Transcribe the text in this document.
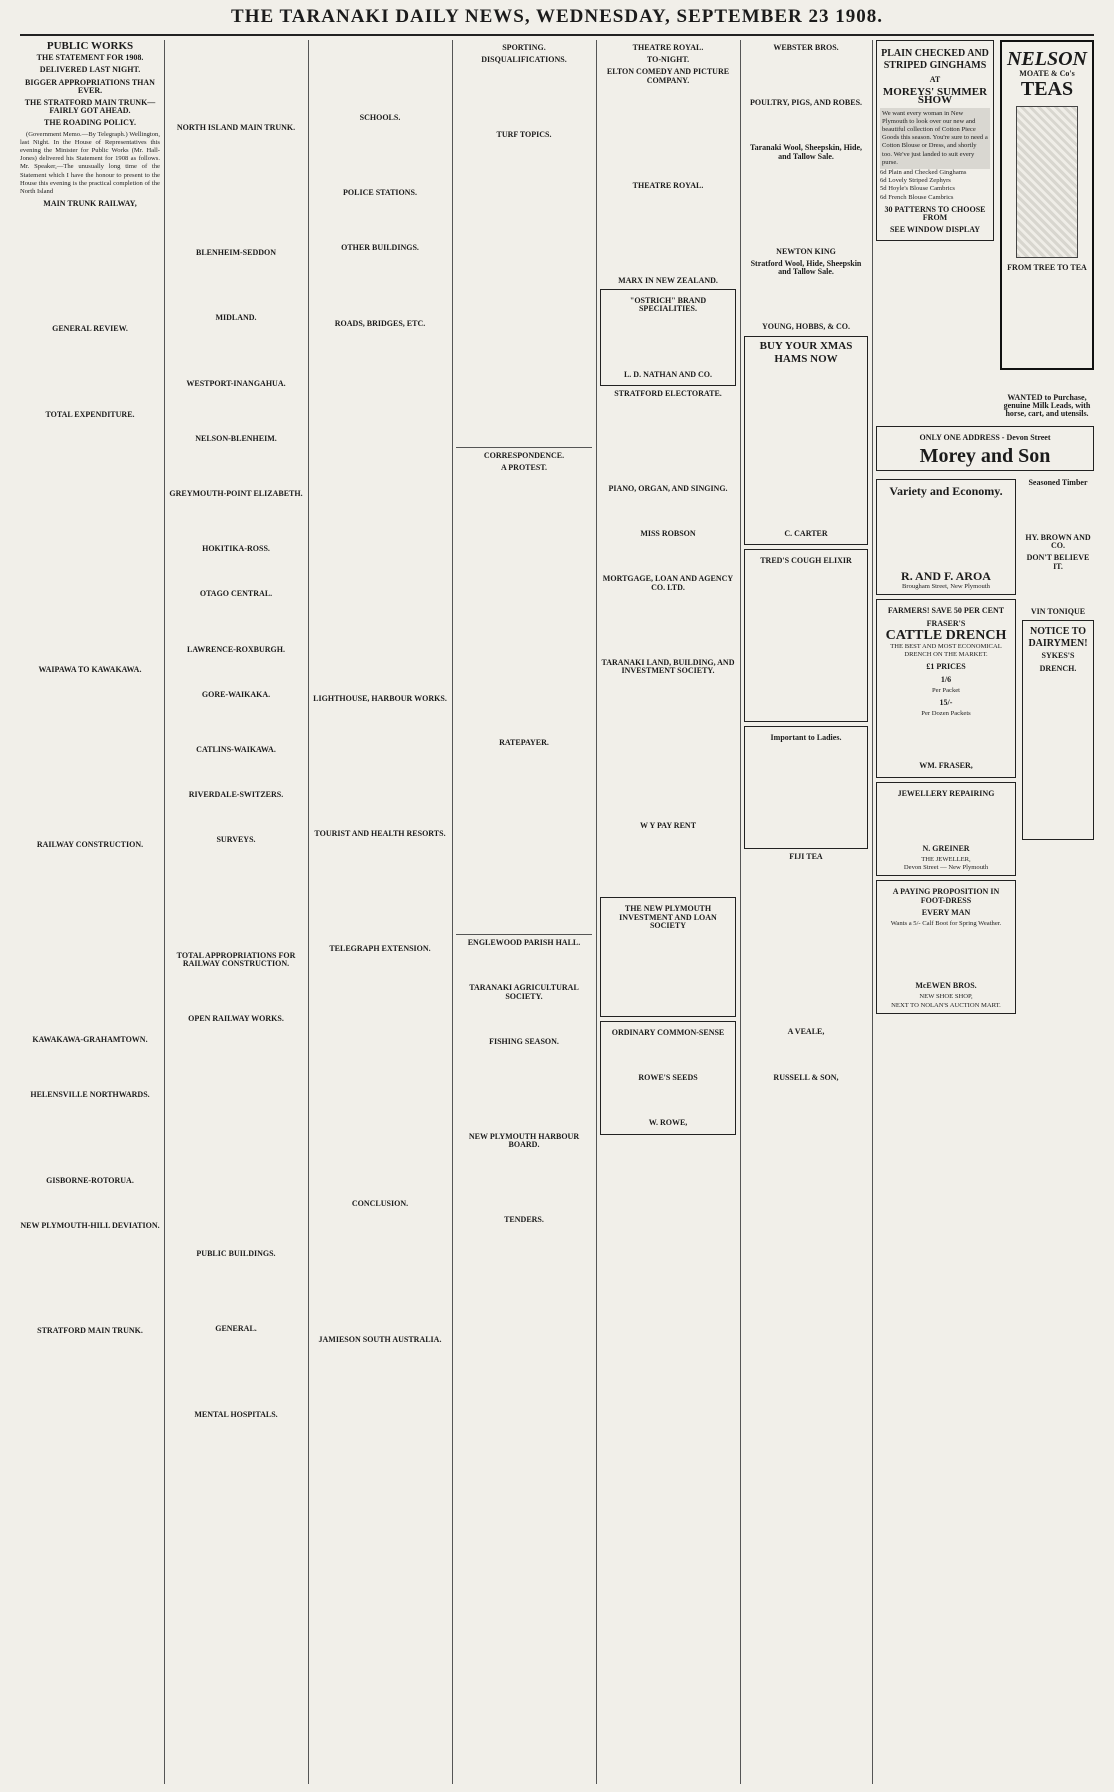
THE TARANAKI DAILY NEWS, WEDNESDAY, SEPTEMBER 23 1908.
PUBLIC WORKS

THE STATEMENT FOR 1908.

DELIVERED LAST NIGHT.

BIGGER APPROPRIATIONS THAN EVER.

THE STRATFORD MAIN TRUNK—FAIRLY GOT AHEAD.

THE ROADING POLICY.

(Government Memo.—By Telegraph.) Wellington, last Night. In the House of Representatives this evening the Minister for Public Works (Mr. Hall-Jones) delivered his Statement for 1908 as follows. Mr. Speaker,—The unusually long time of the Statement which I have the honour to present to the House this evening is the practical completion of the North Island

MAIN TRUNK RAILWAY,

GENERAL REVIEW.

TOTAL EXPENDITURE.

WAIPAWA TO KAWAKAWA.

RAILWAY CONSTRUCTION.

KAWAKAWA-GRAHAMTOWN.

HELENSVILLE NORTHWARDS.

GISBORNE-ROTORUA.

NEW PLYMOUTH-HILL DEVIATION.

STRATFORD MAIN TRUNK.

NORTH ISLAND MAIN TRUNK.

BLENHEIM-SEDDON

MIDLAND.

WESTPORT-INANGAHUA.

NELSON-BLENHEIM.

GREYMOUTH-POINT ELIZABETH.

HOKITIKA-ROSS.

OTAGO CENTRAL.

LAWRENCE-ROXBURGH.

GORE-WAIKAKA.

CATLINS-WAIKAWA.

RIVERDALE-SWITZERS.

SURVEYS.

TOTAL APPROPRIATIONS FOR RAILWAY CONSTRUCTION.

OPEN RAILWAY WORKS.

PUBLIC BUILDINGS.

GENERAL.

MENTAL HOSPITALS.

SCHOOLS.

POLICE STATIONS.

OTHER BUILDINGS.

ROADS, BRIDGES, ETC.

LIGHTHOUSE, HARBOUR WORKS.

TOURIST AND HEALTH RESORTS.

TELEGRAPH EXTENSION.

CONCLUSION.

JAMIESON SOUTH AUSTRALIA.

SPORTING.

DISQUALIFICATIONS.

TURF TOPICS.

CORRESPONDENCE.

A PROTEST.

RATEPAYER.

ENGLEWOOD PARISH HALL.

TARANAKI AGRICULTURAL SOCIETY.

FISHING SEASON.

NEW PLYMOUTH HARBOUR BOARD.

TENDERS.

THEATRE ROYAL.

TO-NIGHT.

ELTON COMEDY AND PICTURE COMPANY.

THEATRE ROYAL.

MARX IN NEW ZEALAND.

"OSTRICH" BRAND SPECIALITIES.
L. D. NATHAN AND CO.

STRATFORD ELECTORATE.

PIANO, ORGAN, AND SINGING.

MISS ROBSON

MORTGAGE, LOAN AND AGENCY CO. LTD.

TARANAKI LAND, BUILDING, AND INVESTMENT SOCIETY.

W Y PAY RENT

THE NEW PLYMOUTH INVESTMENT AND LOAN SOCIETY
ORDINARY COMMON-SENSE
ROWE'S SEEDS
W. ROWE,

WEBSTER BROS.

POULTRY, PIGS, AND ROBES.

Taranaki Wool, Sheepskin, Hide, and Tallow Sale.

NEWTON KING

Stratford Wool, Hide, Sheepskin and Tallow Sale.

YOUNG, HOBBS, & CO.

BUY YOUR XMAS HAMS NOW
C. CARTER
TRED'S COUGH ELIXIR
Important to Ladies.

FIJI TEA

A VEALE,

RUSSELL & SON,

PLAIN CHECKED AND STRIPED GINGHAMS
AT
MOREYS' SUMMER SHOW
We want every woman in New Plymouth to look over our new and beautiful collection of Cotton Piece Goods this season. You're sure to need a Cotton Blouse or Dress, and shortly too. We've just landed to suit every purse.
6d Plain and Checked Ginghams
6d Lovely Striped Zephyrs
5d Hoyle's Blouse Cambrics
6d French Blouse Cambrics
30 PATTERNS TO CHOOSE FROM
SEE WINDOW DISPLAY
NELSON
MOATE & Co's
TEAS
FROM TREE TO TEA

WANTED to Purchase, genuine Milk Leads, with horse, cart, and utensils.

ONLY ONE ADDRESS - Devon Street
Morey and Son
Variety and Economy.
R. AND F. AROA
Brougham Street, New Plymouth
FARMERS! SAVE 50 PER CENT
FRASER'S
CATTLE DRENCH
THE BEST AND MOST ECONOMICAL DRENCH ON THE MARKET.
£1 PRICES
1/6
Per Packet
15/-
Per Dozen Packets
WM. FRASER,
JEWELLERY REPAIRING
N. GREINER
THE JEWELLER,
Devon Street — New Plymouth
A PAYING PROPOSITION IN FOOT-DRESS
EVERY MAN
Wants a 5/- Calf Boot for Spring Weather.
McEWEN BROS.
NEW SHOE SHOP,
NEXT TO NOLAN'S AUCTION MART.

Seasoned Timber

HY. BROWN AND CO.

DON'T BELIEVE IT.

VIN TONIQUE

NOTICE TO
DAIRYMEN!
SYKES'S
DRENCH.
